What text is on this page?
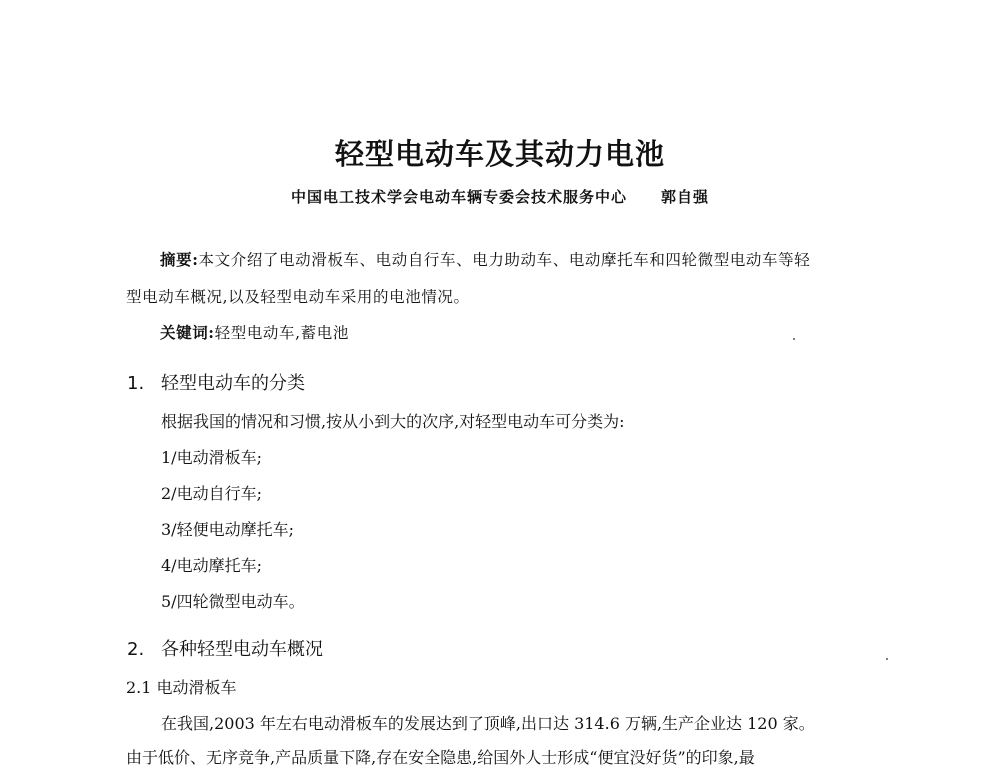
轻型电动车及其动力电池
中国电工技术学会电动车辆专委会技术服务中心 郭自强
摘要:本文介绍了电动滑板车、电动自行车、电力助动车、电动摩托车和四轮微型电动车等轻
型电动车概况,以及轻型电动车采用的电池情况。
关键词:轻型电动车,蓄电池
1. 轻型电动车的分类
根据我国的情况和习惯,按从小到大的次序,对轻型电动车可分类为:
1/电动滑板车;
2/电动自行车;
3/轻便电动摩托车;
4/电动摩托车;
5/四轮微型电动车。
2. 各种轻型电动车概况
2.1 电动滑板车
在我国,2003 年左右电动滑板车的发展达到了顶峰,出口达 314.6 万辆,生产企业达 120 家。
由于低价、无序竞争,产品质量下降,存在安全隐患,给国外人士形成“便宜没好货”的印象,最
